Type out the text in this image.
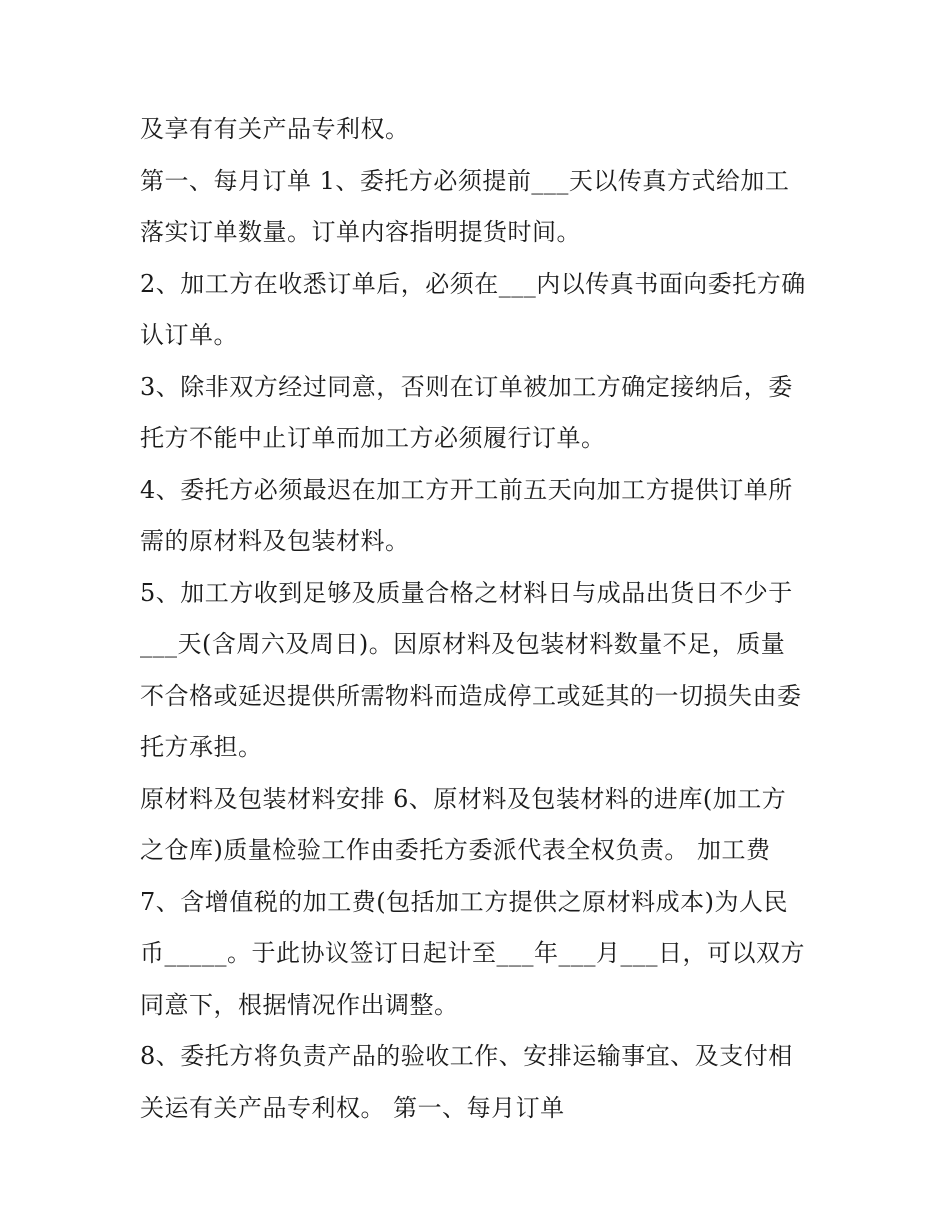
及享有有关产品专利权。
第一、每月订单 1、委托方必须提前___天以传真方式给加工
落实订单数量。订单内容指明提货时间。
2、加工方在收悉订单后，必须在___内以传真书面向委托方确
认订单。
3、除非双方经过同意，否则在订单被加工方确定接纳后，委
托方不能中止订单而加工方必须履行订单。
4、委托方必须最迟在加工方开工前五天向加工方提供订单所
需的原材料及包装材料。
5、加工方收到足够及质量合格之材料日与成品出货日不少于
___天(含周六及周日)。因原材料及包装材料数量不足，质量
不合格或延迟提供所需物料而造成停工或延其的一切损失由委
托方承担。
原材料及包装材料安排 6、原材料及包装材料的进库(加工方
之仓库)质量检验工作由委托方委派代表全权负责。 加工费
7、含增值税的加工费(包括加工方提供之原材料成本)为人民
币_____。于此协议签订日起计至___年___月___日，可以双方
同意下，根据情况作出调整。
8、委托方将负责产品的验收工作、安排运输事宜、及支付相
关运有关产品专利权。 第一、每月订单
